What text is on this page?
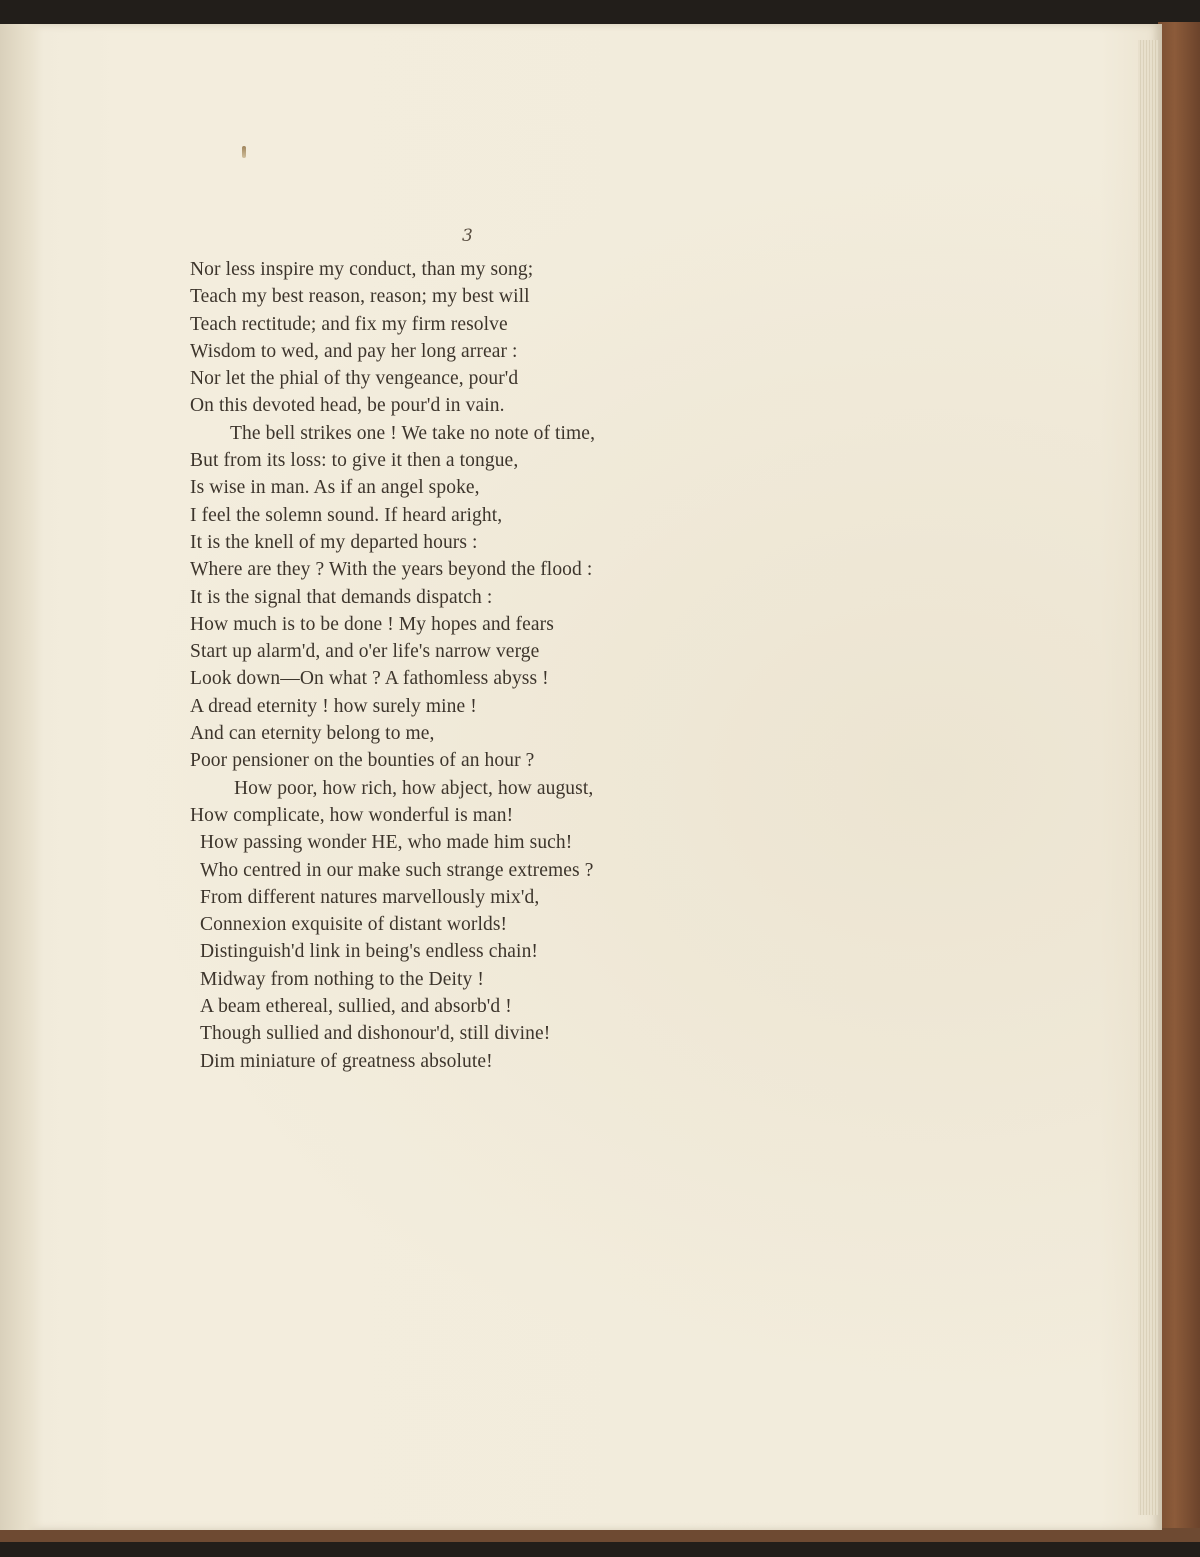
3
Nor less inspire my conduct, than my song;
Teach my best reason, reason; my best will
Teach rectitude; and fix my firm resolve
Wisdom to wed, and pay her long arrear :
Nor let the phial of thy vengeance, pour'd
On this devoted head, be pour'd in vain.
The bell strikes one ! We take no note of time,
But from its loss: to give it then a tongue,
Is wise in man. As if an angel spoke,
I feel the solemn sound. If heard aright,
It is the knell of my departed hours :
Where are they ? With the years beyond the flood :
It is the signal that demands dispatch :
How much is to be done ! My hopes and fears
Start up alarm'd, and o'er life's narrow verge
Look down—On what ? A fathomless abyss !
A dread eternity ! how surely mine !
And can eternity belong to me,
Poor pensioner on the bounties of an hour ?
How poor, how rich, how abject, how august,
How complicate, how wonderful is man!
How passing wonder HE, who made him such!
Who centred in our make such strange extremes ?
From different natures marvellously mix'd,
Connexion exquisite of distant worlds!
Distinguish'd link in being's endless chain!
Midway from nothing to the Deity !
A beam ethereal, sullied, and absorb'd !
Though sullied and dishonour'd, still divine!
Dim miniature of greatness absolute!
